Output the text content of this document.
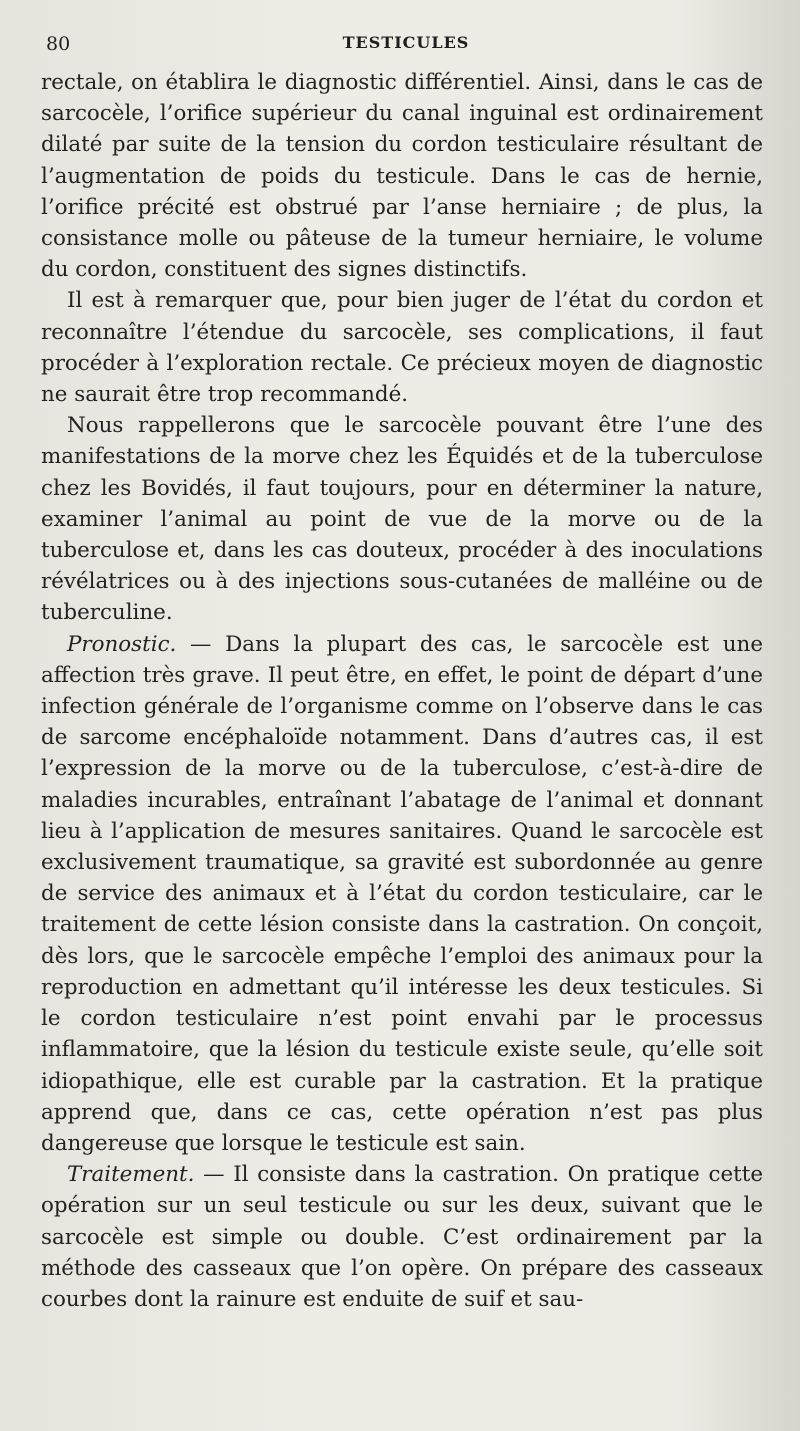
80	TESTICULES

rectale, on établira le diagnostic différentiel. Ainsi, dans le cas de sarcocèle, l’orifice supérieur du canal inguinal est ordinairement dilaté par suite de la tension du cordon testiculaire résultant de l’augmentation de poids du testicule. Dans le cas de hernie, l’orifice précité est obstrué par l’anse herniaire ; de plus, la consistance molle ou pâteuse de la tumeur herniaire, le volume du cordon, constituent des signes distinctifs.

Il est à remarquer que, pour bien juger de l’état du cordon et reconnaître l’étendue du sarcocèle, ses complications, il faut procéder à l’exploration rectale. Ce précieux moyen de diagnostic ne saurait être trop recommandé.

Nous rappellerons que le sarcocèle pouvant être l’une des manifestations de la morve chez les Équidés et de la tuberculose chez les Bovidés, il faut toujours, pour en déterminer la nature, examiner l’animal au point de vue de la morve ou de la tuberculose et, dans les cas douteux, procéder à des inoculations révélatrices ou à des injections sous-cutanées de malléine ou de tuberculine.

Pronostic. — Dans la plupart des cas, le sarcocèle est une affection très grave. Il peut être, en effet, le point de départ d’une infection générale de l’organisme comme on l’observe dans le cas de sarcome encéphaloïde notamment. Dans d’autres cas, il est l’expression de la morve ou de la tuberculose, c’est-à-dire de maladies incurables, entraînant l’abatage de l’animal et donnant lieu à l’application de mesures sanitaires. Quand le sarcocèle est exclusivement traumatique, sa gravité est subordonnée au genre de service des animaux et à l’état du cordon testiculaire, car le traitement de cette lésion consiste dans la castration. On conçoit, dès lors, que le sarcocèle empêche l’emploi des animaux pour la reproduction en admettant qu’il intéresse les deux testicules. Si le cordon testiculaire n’est point envahi par le processus inflammatoire, que la lésion du testicule existe seule, qu’elle soit idiopathique, elle est curable par la castration. Et la pratique apprend que, dans ce cas, cette opération n’est pas plus dangereuse que lorsque le testicule est sain.

Traitement. — Il consiste dans la castration. On pratique cette opération sur un seul testicule ou sur les deux, suivant que le sarcocèle est simple ou double. C’est ordinairement par la méthode des casseaux que l’on opère. On prépare des casseaux courbes dont la rainure est enduite de suif et sau-
